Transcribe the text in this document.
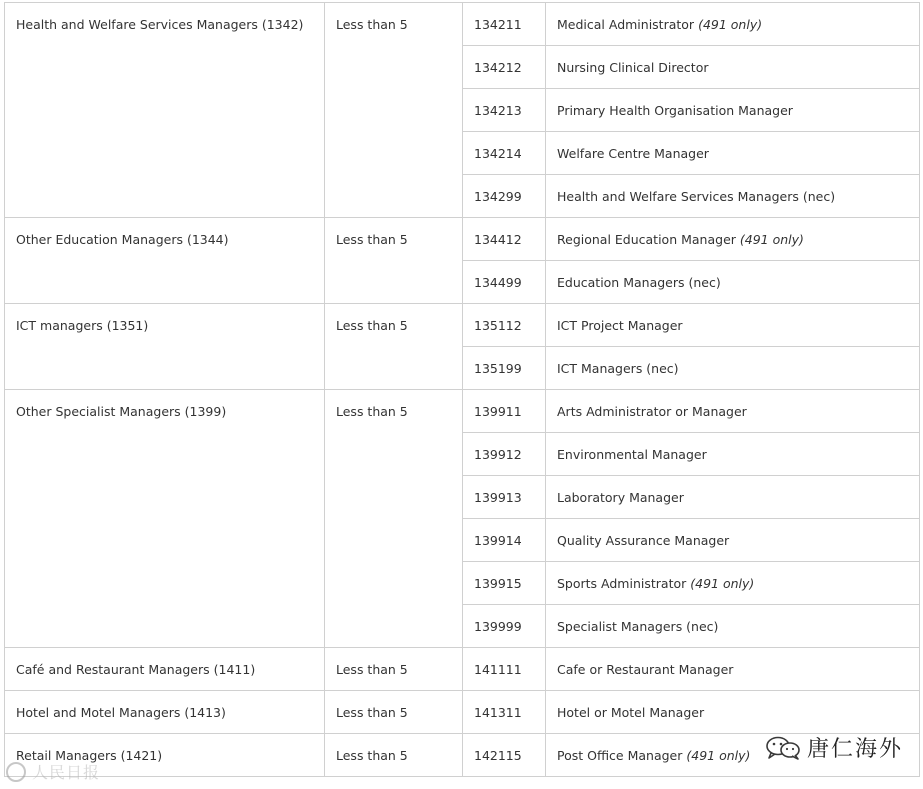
Health and Welfare Services Managers (1342)	Less than 5	134211	Medical Administrator (491 only)
		134212	Nursing Clinical Director
		134213	Primary Health Organisation Manager
		134214	Welfare Centre Manager
		134299	Health and Welfare Services Managers (nec)
Other Education Managers (1344)	Less than 5	134412	Regional Education Manager (491 only)
		134499	Education Managers (nec)
ICT managers (1351)	Less than 5	135112	ICT Project Manager
		135199	ICT Managers (nec)
Other Specialist Managers (1399)	Less than 5	139911	Arts Administrator or Manager
		139912	Environmental Manager
		139913	Laboratory Manager
		139914	Quality Assurance Manager
		139915	Sports Administrator (491 only)
		139999	Specialist Managers (nec)
Café and Restaurant Managers (1411)	Less than 5	141111	Cafe or Restaurant Manager
Hotel and Motel Managers (1413)	Less than 5	141311	Hotel or Motel Manager
Retail Managers (1421)	Less than 5	142115	Post Office Manager (491 only)	唐仁海外
人民日报
